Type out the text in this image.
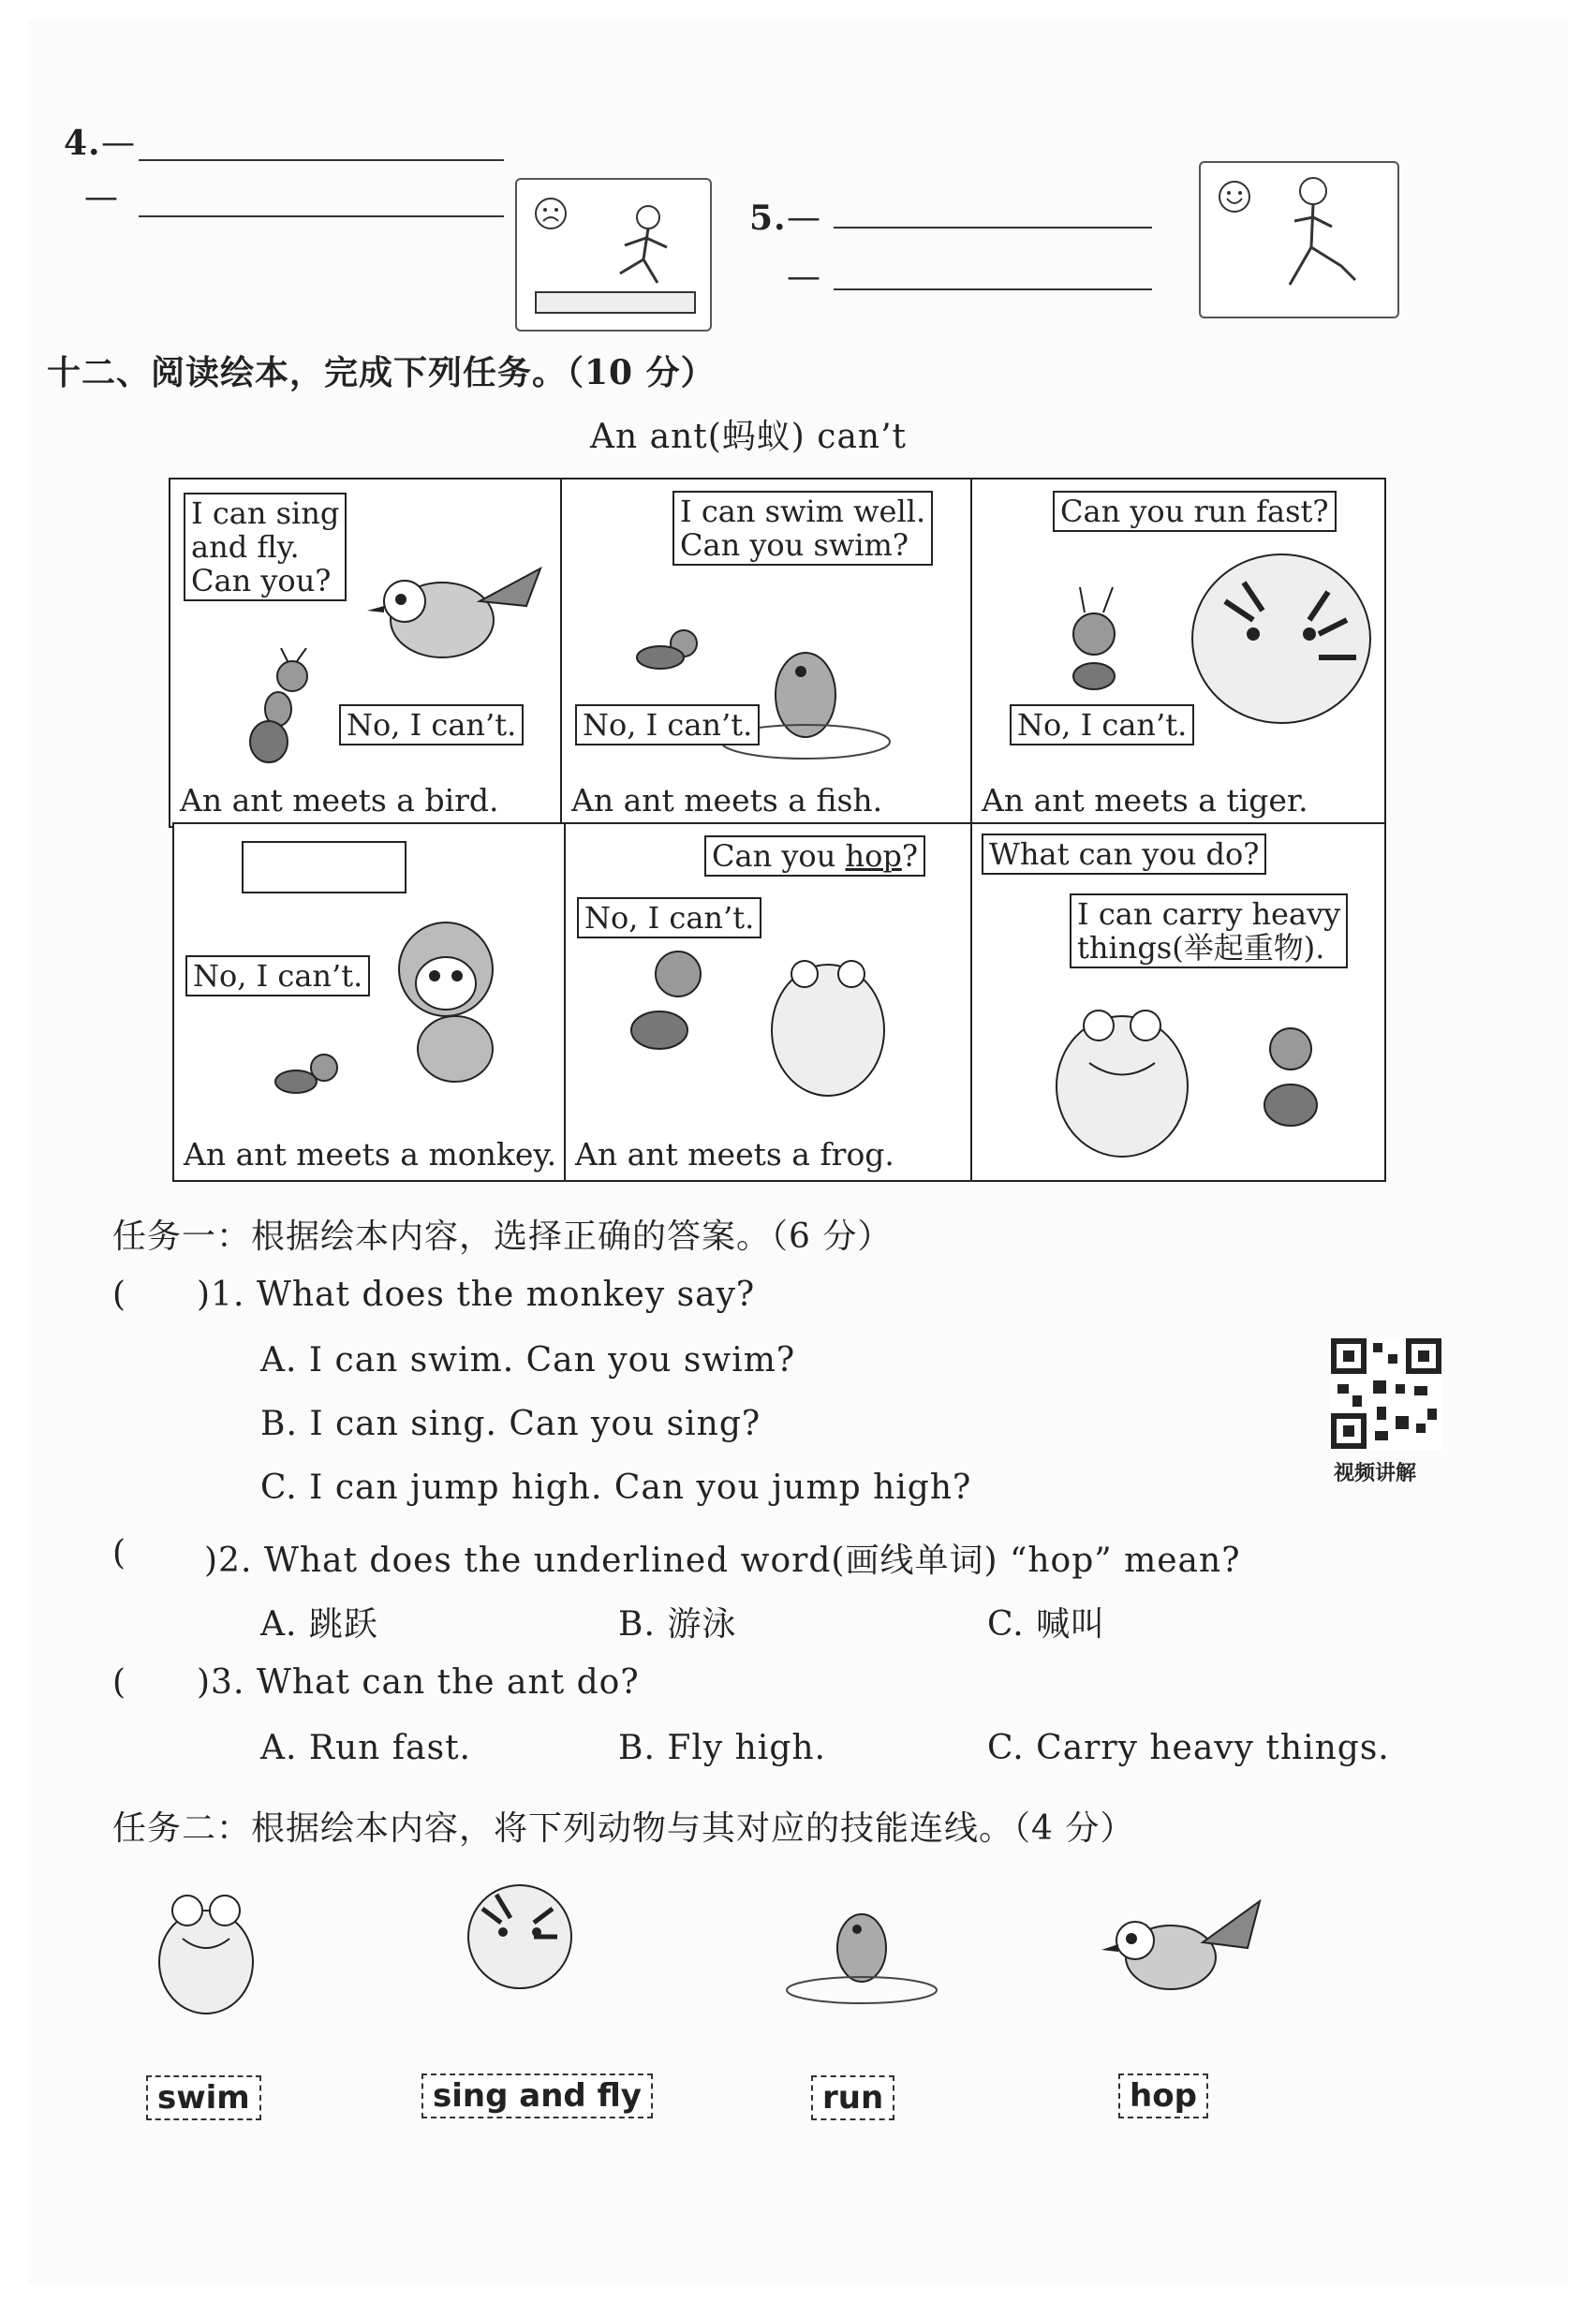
4. —
—
5. —
—
十二、阅读绘本，完成下列任务。（10 分）
An ant(蚂蚁) can’t
I can sing
and fly.
Can you?
No, I can’t.
An ant meets a bird.
I can swim well.
Can you swim?
No, I can’t.
An ant meets a fish.
Can you run fast?
No, I can’t.
An ant meets a tiger.
No, I can’t.
An ant meets a monkey.
Can you hop?
No, I can’t.
An ant meets a frog.
What can you do?
I can carry heavy
things(举起重物).
任务一：根据绘本内容，选择正确的答案。（6 分）
( )1. What does the monkey say?
A. I can swim. Can you swim?
B. I can sing. Can you sing?
C. I can jump high. Can you jump high?	视频讲解
( )2. What does the underlined word(画线单词) “hop” mean?
A. 跳跃	B. 游泳	C. 喊叫
( )3. What can the ant do?
A. Run fast.	B. Fly high.	C. Carry heavy things.
任务二：根据绘本内容，将下列动物与其对应的技能连线。（4 分）
swim	sing and fly	run	hop
